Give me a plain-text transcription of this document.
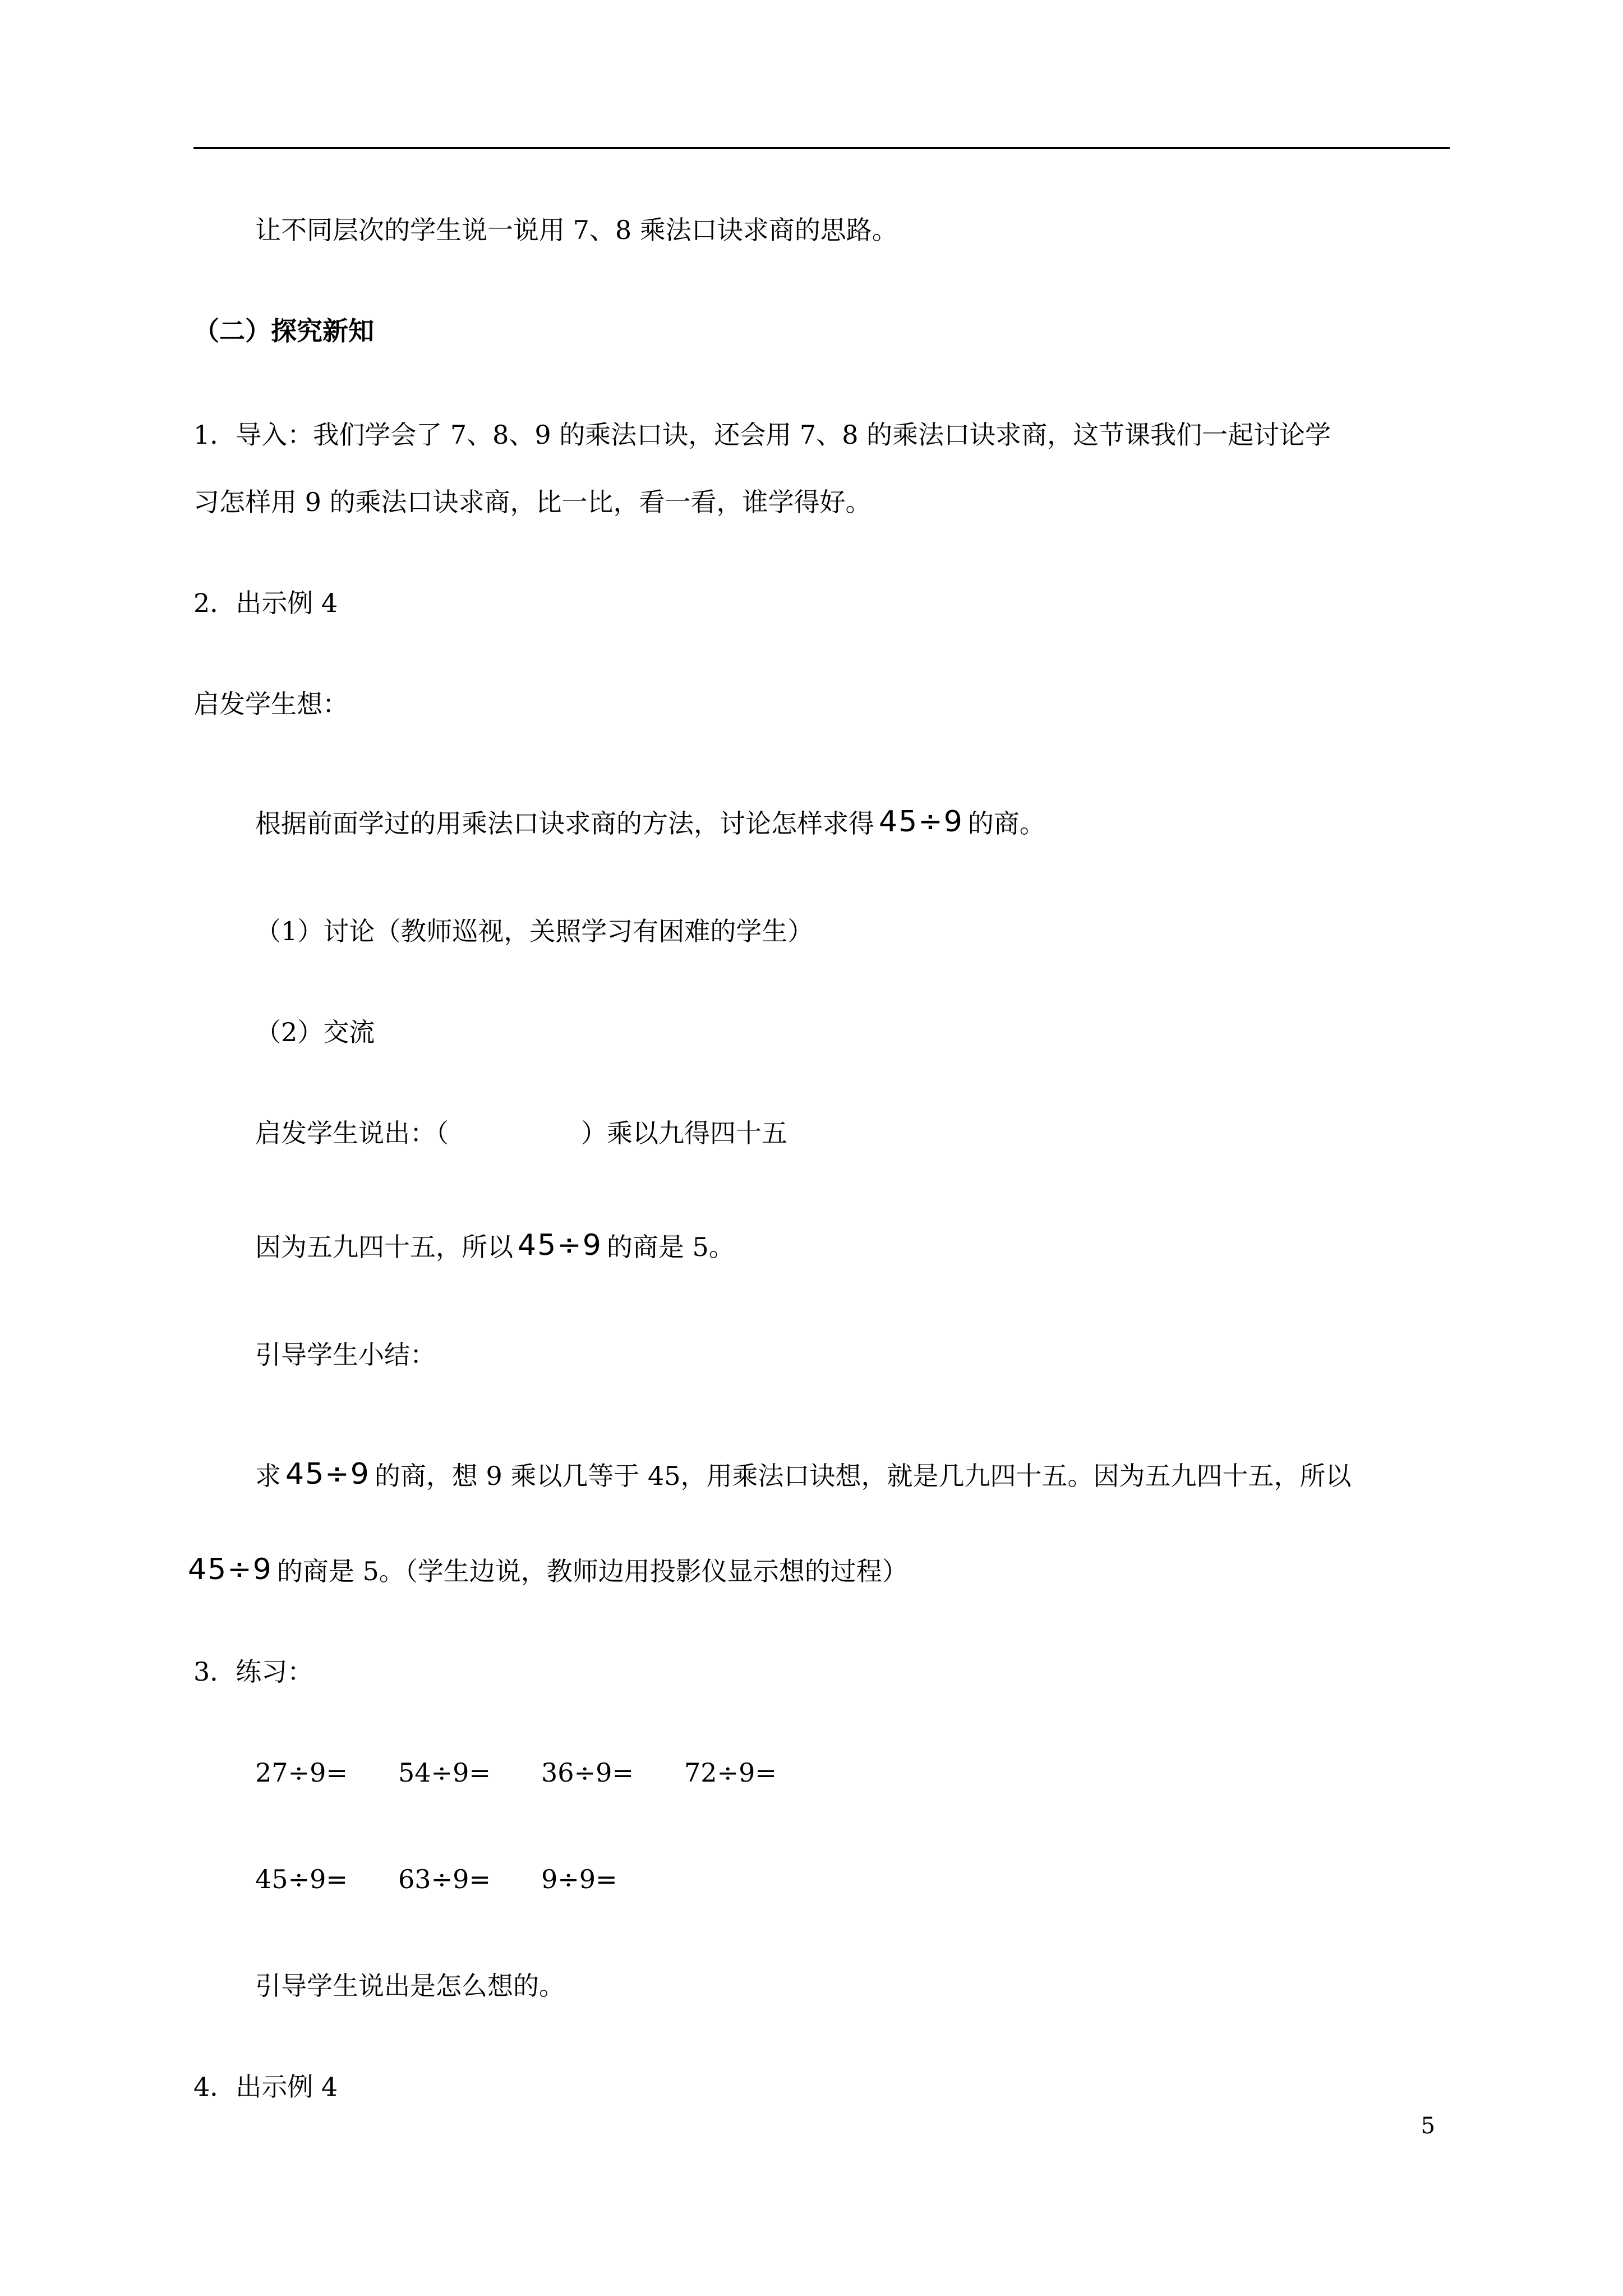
让不同层次的学生说一说用 7、8 乘法口诀求商的思路。
（二）探究新知
1．导入：我们学会了 7、8、9 的乘法口诀，还会用 7、8 的乘法口诀求商，这节课我们一起讨论学
习怎样用 9 的乘法口诀求商，比一比，看一看，谁学得好。
2．出示例 4
启发学生想：
根据前面学过的用乘法口诀求商的方法，讨论怎样求得 45÷9 的商。
（1）讨论（教师巡视，关照学习有困难的学生）
（2）交流
启发学生说出：（	）乘以九得四十五
因为五九四十五，所以 45÷9 的商是 5。
引导学生小结：
求 45÷9 的商，想 9 乘以几等于 45，用乘法口诀想，就是几九四十五。因为五九四十五，所以
45÷9 的商是 5。（学生边说，教师边用投影仪显示想的过程）
3．练习：
27÷9= 54÷9= 36÷9= 72÷9=
45÷9= 63÷9= 9÷9=
引导学生说出是怎么想的。
4．出示例 4
5
